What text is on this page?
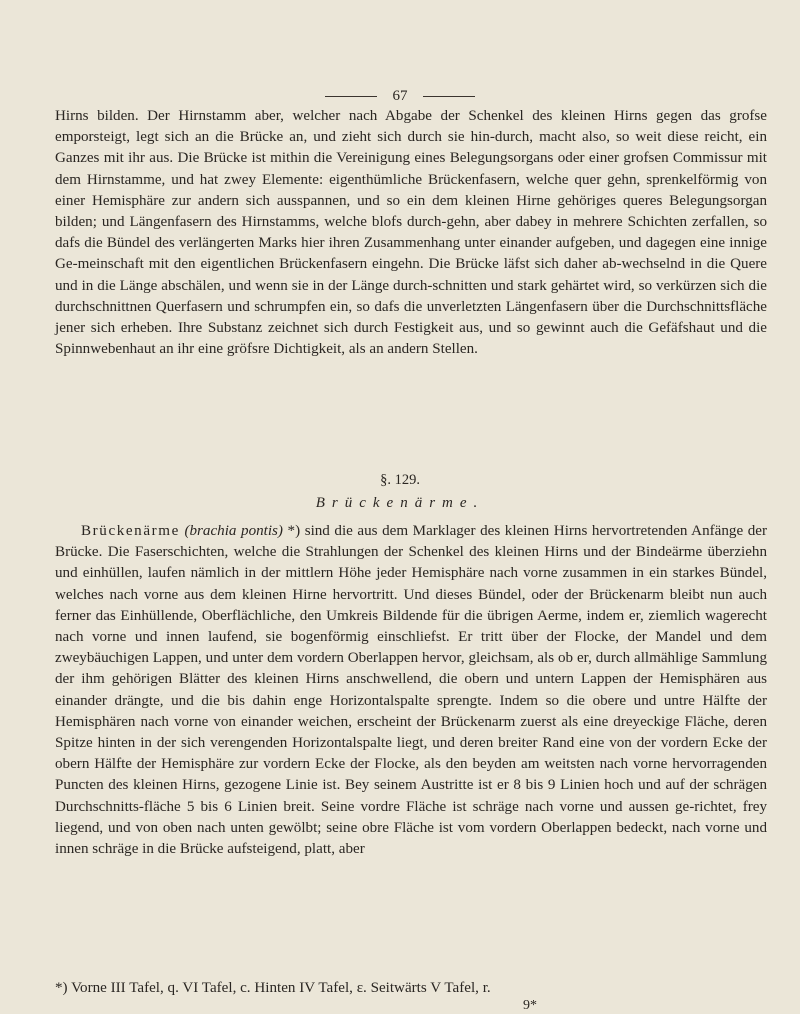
67

Hirns bilden. Der Hirnstamm aber, welcher nach Abgabe der Schenkel des kleinen Hirns gegen das grofse emporsteigt, legt sich an die Brücke an, und zieht sich durch sie hin-durch, macht also, so weit diese reicht, ein Ganzes mit ihr aus. Die Brücke ist mithin die Vereinigung eines Belegungsorgans oder einer grofsen Commissur mit dem Hirnstamme, und hat zwey Elemente: eigenthümliche Brückenfasern, welche quer gehn, sprenkelförmig von einer Hemisphäre zur andern sich ausspannen, und so ein dem kleinen Hirne gehöriges queres Belegungsorgan bilden; und Längenfasern des Hirnstamms, welche blofs durch-gehn, aber dabey in mehrere Schichten zerfallen, so dafs die Bündel des verlängerten Marks hier ihren Zusammenhang unter einander aufgeben, und dagegen eine innige Ge-meinschaft mit den eigentlichen Brückenfasern eingehn. Die Brücke läfst sich daher ab-wechselnd in die Quere und in die Länge abschälen, und wenn sie in der Länge durch-schnitten und stark gehärtet wird, so verkürzen sich die durchschnittnen Querfasern und schrumpfen ein, so dafs die unverletzten Längenfasern über die Durchschnittsfläche jener sich erheben. Ihre Substanz zeichnet sich durch Festigkeit aus, und so gewinnt auch die Gefäfshaut und die Spinnwebenhaut an ihr eine gröfsre Dichtigkeit, als an andern Stellen.

§. 129.
Brückenärme.

Brückenärme (brachia pontis) *) sind die aus dem Marklager des kleinen Hirns hervortretenden Anfänge der Brücke. Die Faserschichten, welche die Strahlungen der Schenkel des kleinen Hirns und der Bindeärme überziehn und einhüllen, laufen nämlich in der mittlern Höhe jeder Hemisphäre nach vorne zusammen in ein starkes Bündel, welches nach vorne aus dem kleinen Hirne hervortritt. Und dieses Bündel, oder der Brückenarm bleibt nun auch ferner das Einhüllende, Oberflächliche, den Umkreis Bildende für die übrigen Aerme, indem er, ziemlich wagerecht nach vorne und innen laufend, sie bogenförmig einschliefst. Er tritt über der Flocke, der Mandel und dem zweybäuchigen Lappen, und unter dem vordern Oberlappen hervor, gleichsam, als ob er, durch allmählige Sammlung der ihm gehörigen Blätter des kleinen Hirns anschwellend, die obern und untern Lappen der Hemisphären aus einander drängte, und die bis dahin enge Horizontalspalte sprengte. Indem so die obere und untre Hälfte der Hemisphären nach vorne von einander weichen, erscheint der Brückenarm zuerst als eine dreyeckige Fläche, deren Spitze hinten in der sich verengenden Horizontalspalte liegt, und deren breiter Rand eine von der vordern Ecke der obern Hälfte der Hemisphäre zur vordern Ecke der Flocke, als den beyden am weitsten nach vorne hervorragenden Puncten des kleinen Hirns, gezogene Linie ist. Bey seinem Austritte ist er 8 bis 9 Linien hoch und auf der schrägen Durchschnitts-fläche 5 bis 6 Linien breit. Seine vordre Fläche ist schräge nach vorne und aussen ge-richtet, frey liegend, und von oben nach unten gewölbt; seine obre Fläche ist vom vordern Oberlappen bedeckt, nach vorne und innen schräge in die Brücke aufsteigend, platt, aber

*) Vorne III Tafel, q. VI Tafel, c. Hinten IV Tafel, ε. Seitwärts V Tafel, r.
9*
